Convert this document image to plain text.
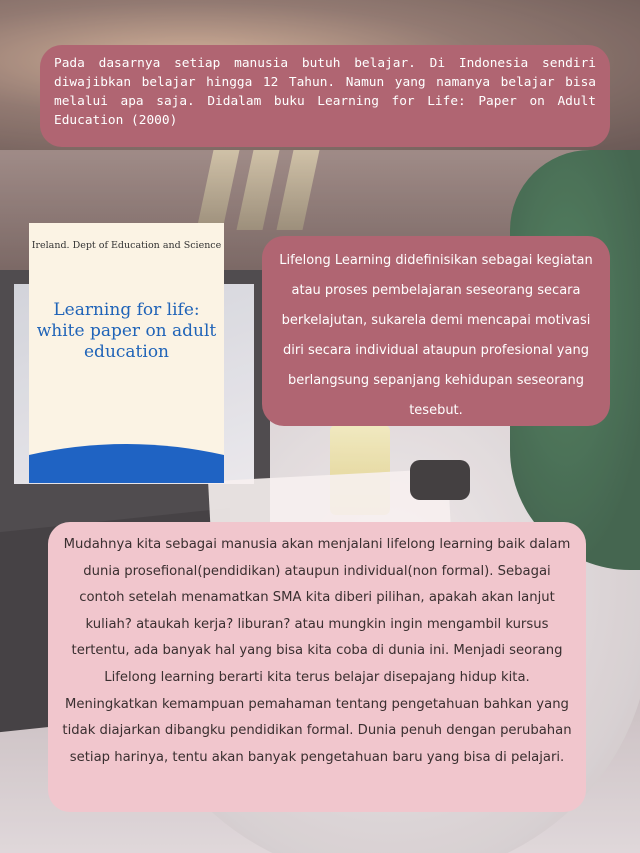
Pada dasarnya setiap manusia butuh belajar. Di Indonesia sendiri diwajibkan belajar hingga 12 Tahun. Namun yang namanya belajar bisa melalui apa saja. Didalam buku Learning for Life: Paper on Adult Education (2000)
Ireland. Dept of Education and Science
Learning for life: white paper on adult education
Lifelong Learning didefinisikan sebagai kegiatan atau proses pembelajaran seseorang secara berkelajutan, sukarela demi mencapai motivasi diri secara individual ataupun profesional yang berlangsung sepanjang kehidupan seseorang tesebut.
Mudahnya kita sebagai manusia akan menjalani lifelong learning baik dalam dunia prosefional(pendidikan) ataupun individual(non formal). Sebagai contoh setelah menamatkan SMA kita diberi pilihan, apakah akan lanjut kuliah? ataukah kerja? liburan? atau mungkin ingin mengambil kursus tertentu, ada banyak hal yang bisa kita coba di dunia ini. Menjadi seorang Lifelong learning berarti kita terus belajar disepajang hidup kita. Meningkatkan kemampuan pemahaman tentang pengetahuan bahkan yang tidak diajarkan dibangku pendidikan formal. Dunia penuh dengan perubahan setiap harinya, tentu akan banyak pengetahuan baru yang bisa di pelajari.
